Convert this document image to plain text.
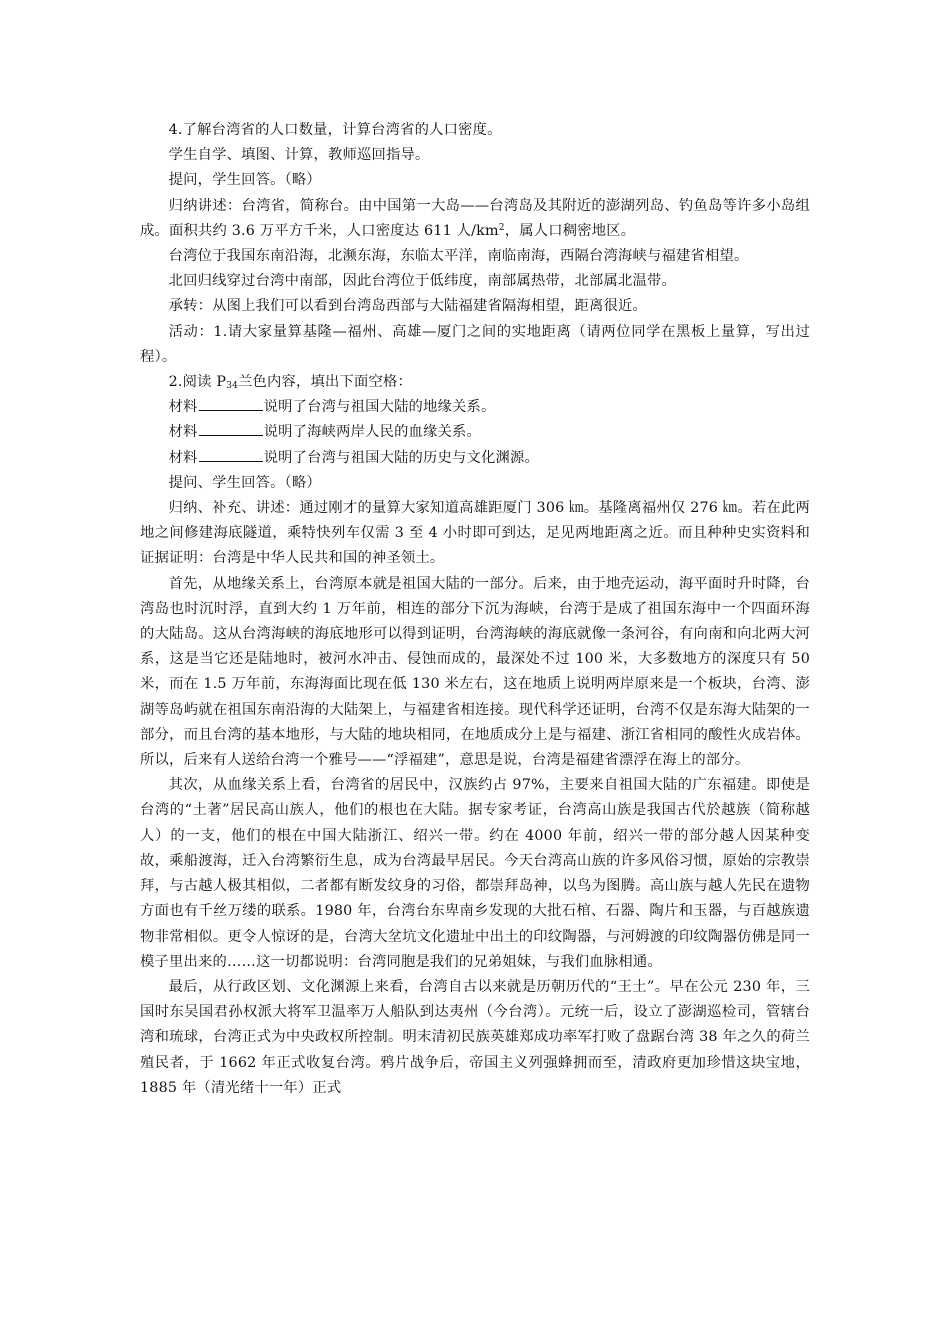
4.了解台湾省的人口数量，计算台湾省的人口密度。

学生自学、填图、计算，教师巡回指导。

提问，学生回答。（略）

归纳讲述：台湾省，简称台。由中国第一大岛——台湾岛及其附近的澎湖列岛、钓鱼岛等许多小岛组成。面积共约 3.6 万平方千米，人口密度达 611 人$/km^2$，属人口稠密地区。

台湾位于我国东南沿海，北濒东海，东临太平洋，南临南海，西隔台湾海峡与福建省相望。

北回归线穿过台湾中南部，因此台湾位于低纬度，南部属热带，北部属北温带。

承转：从图上我们可以看到台湾岛西部与大陆福建省隔海相望，距离很近。

活动：1.请大家量算基隆—福州、高雄—厦门之间的实地距离（请两位同学在黑板上量算，写出过程）。

2.阅读 $P_{34}$兰色内容，填出下面空格：

材料	说明了台湾与祖国大陆的地缘关系。

材料	说明了海峡两岸人民的血缘关系。

材料	说明了台湾与祖国大陆的历史与文化渊源。

提问、学生回答。（略）

归纳、补充、讲述：通过刚才的量算大家知道高雄距厦门 306 ㎞。基隆离福州仅 276 ㎞。若在此两地之间修建海底隧道，乘特快列车仅需 3 至 4 小时即可到达，足见两地距离之近。而且种种史实资料和证据证明：台湾是中华人民共和国的神圣领土。

首先，从地缘关系上，台湾原本就是祖国大陆的一部分。后来，由于地壳运动，海平面时升时降，台湾岛也时沉时浮，直到大约 1 万年前，相连的部分下沉为海峡，台湾于是成了祖国东海中一个四面环海的大陆岛。这从台湾海峡的海底地形可以得到证明，台湾海峡的海底就像一条河谷，有向南和向北两大河系，这是当它还是陆地时，被河水冲击、侵蚀而成的，最深处不过 100 米，大多数地方的深度只有 50 米，而在 1.5 万年前，东海海面比现在低 130 米左右，这在地质上说明两岸原来是一个板块，台湾、澎湖等岛屿就在祖国东南沿海的大陆架上，与福建省相连接。现代科学还证明，台湾不仅是东海大陆架的一部分，而且台湾的基本地形，与大陆的地块相同，在地质成分上是与福建、浙江省相同的酸性火成岩体。所以，后来有人送给台湾一个雅号——“浮福建”，意思是说，台湾是福建省漂浮在海上的部分。

其次，从血缘关系上看，台湾省的居民中，汉族约占 97%，主要来自祖国大陆的广东福建。即使是台湾的“土著”居民高山族人，他们的根也在大陆。据专家考证，台湾高山族是我国古代於越族（简称越人）的一支，他们的根在中国大陆浙江、绍兴一带。约在 4000 年前，绍兴一带的部分越人因某种变故，乘船渡海，迁入台湾繁衍生息，成为台湾最早居民。今天台湾高山族的许多风俗习惯，原始的宗教崇拜，与古越人极其相似，二者都有断发纹身的习俗，都崇拜岛神，以鸟为图腾。高山族与越人先民在遗物方面也有千丝万缕的联系。1980 年，台湾台东卑南乡发现的大批石棺、石器、陶片和玉器，与百越族遗物非常相似。更令人惊讶的是，台湾大坌坑文化遗址中出土的印纹陶器，与河姆渡的印纹陶器仿佛是同一模子里出来的……这一切都说明：台湾同胞是我们的兄弟姐妹，与我们血脉相通。

最后，从行政区划、文化渊源上来看，台湾自古以来就是历朝历代的“王土”。早在公元 230 年，三国时东吴国君孙权派大将军卫温率万人船队到达夷州（今台湾）。元统一后，设立了澎湖巡检司，管辖台湾和琉球，台湾正式为中央政权所控制。明末清初民族英雄郑成功率军打败了盘踞台湾 38 年之久的荷兰殖民者，于 1662 年正式收复台湾。鸦片战争后，帝国主义列强蜂拥而至，清政府更加珍惜这块宝地，1885 年（清光绪十一年）正式
